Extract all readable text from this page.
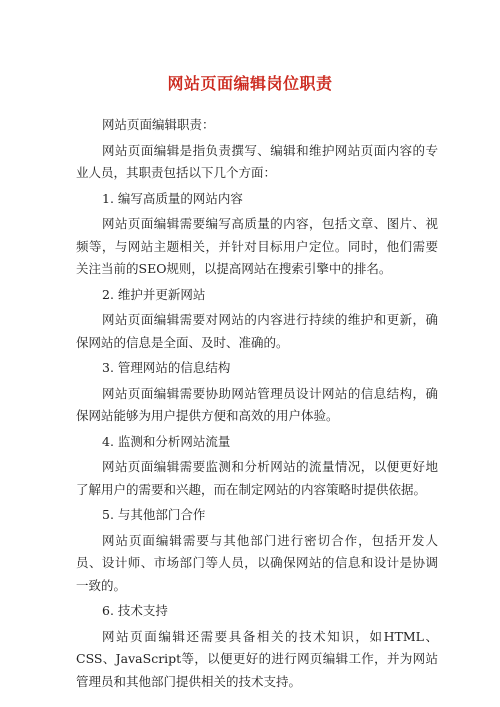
网站页面编辑岗位职责

网站页面编辑职责：

网站页面编辑是指负责撰写、编辑和维护网站页面内容的专业人员，其职责包括以下几个方面：

1. 编写高质量的网站内容

网站页面编辑需要编写高质量的内容，包括文章、图片、视频等，与网站主题相关，并针对目标用户定位。同时，他们需要关注当前的SEO规则，以提高网站在搜索引擎中的排名。

2. 维护并更新网站

网站页面编辑需要对网站的内容进行持续的维护和更新，确保网站的信息是全面、及时、准确的。

3. 管理网站的信息结构

网站页面编辑需要协助网站管理员设计网站的信息结构，确保网站能够为用户提供方便和高效的用户体验。

4. 监测和分析网站流量

网站页面编辑需要监测和分析网站的流量情况，以便更好地了解用户的需要和兴趣，而在制定网站的内容策略时提供依据。

5. 与其他部门合作

网站页面编辑需要与其他部门进行密切合作，包括开发人员、设计师、市场部门等人员，以确保网站的信息和设计是协调一致的。

6. 技术支持

网站页面编辑还需要具备相关的技术知识，如HTML、CSS、JavaScript等，以便更好的进行网页编辑工作，并为网站管理员和其他部门提供相关的技术支持。
